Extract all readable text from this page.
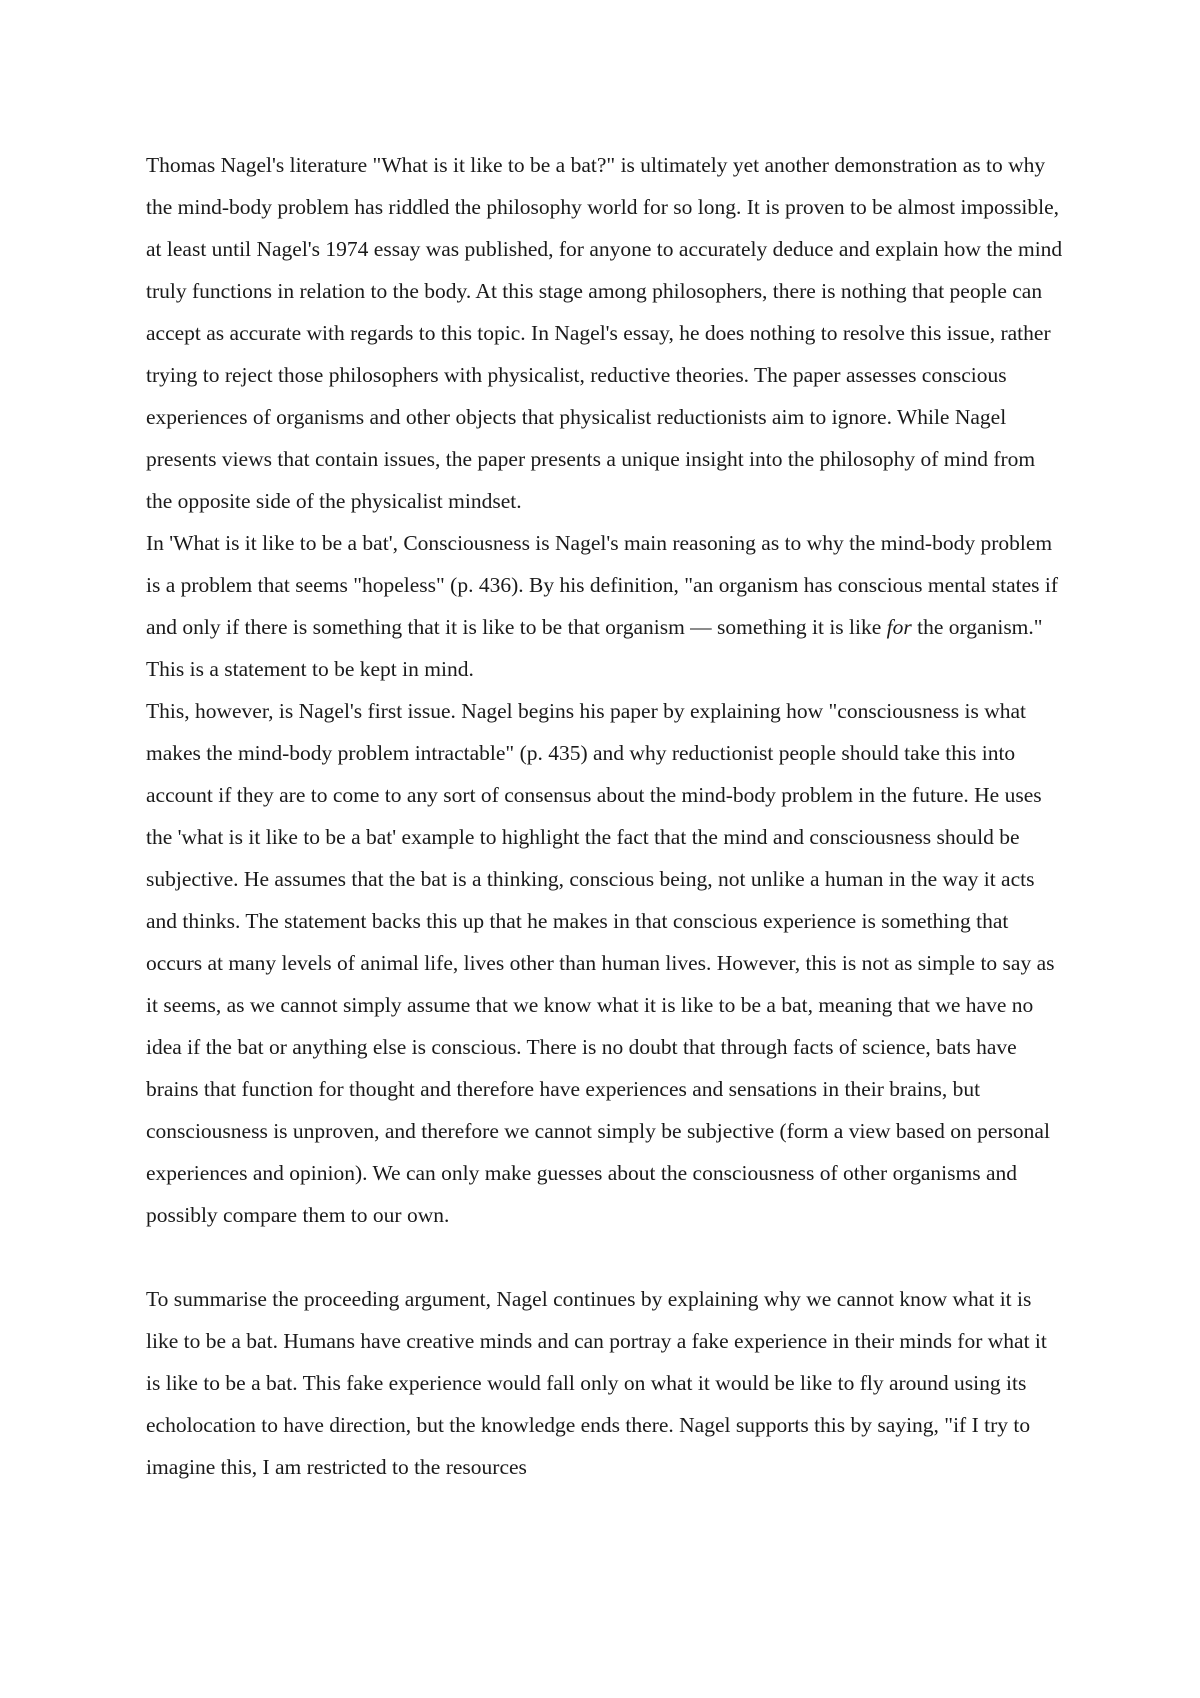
Thomas Nagel's literature "What is it like to be a bat?" is ultimately yet another demonstration as to why the mind-body problem has riddled the philosophy world for so long. It is proven to be almost impossible, at least until Nagel's 1974 essay was published, for anyone to accurately deduce and explain how the mind truly functions in relation to the body. At this stage among philosophers, there is nothing that people can accept as accurate with regards to this topic. In Nagel's essay, he does nothing to resolve this issue, rather trying to reject those philosophers with physicalist, reductive theories. The paper assesses conscious experiences of organisms and other objects that physicalist reductionists aim to ignore. While Nagel presents views that contain issues, the paper presents a unique insight into the philosophy of mind from the opposite side of the physicalist mindset.

In 'What is it like to be a bat', Consciousness is Nagel's main reasoning as to why the mind-body problem is a problem that seems "hopeless" (p. 436). By his definition, "an organism has conscious mental states if and only if there is something that it is like to be that organism — something it is like for the organism." This is a statement to be kept in mind.

This, however, is Nagel's first issue. Nagel begins his paper by explaining how "consciousness is what makes the mind-body problem intractable" (p. 435) and why reductionist people should take this into account if they are to come to any sort of consensus about the mind-body problem in the future. He uses the 'what is it like to be a bat' example to highlight the fact that the mind and consciousness should be subjective. He assumes that the bat is a thinking, conscious being, not unlike a human in the way it acts and thinks. The statement backs this up that he makes in that conscious experience is something that occurs at many levels of animal life, lives other than human lives. However, this is not as simple to say as it seems, as we cannot simply assume that we know what it is like to be a bat, meaning that we have no idea if the bat or anything else is conscious. There is no doubt that through facts of science, bats have brains that function for thought and therefore have experiences and sensations in their brains, but consciousness is unproven, and therefore we cannot simply be subjective (form a view based on personal experiences and opinion). We can only make guesses about the consciousness of other organisms and possibly compare them to our own.

To summarise the proceeding argument, Nagel continues by explaining why we cannot know what it is like to be a bat. Humans have creative minds and can portray a fake experience in their minds for what it is like to be a bat. This fake experience would fall only on what it would be like to fly around using its echolocation to have direction, but the knowledge ends there. Nagel supports this by saying, "if I try to imagine this, I am restricted to the resources
